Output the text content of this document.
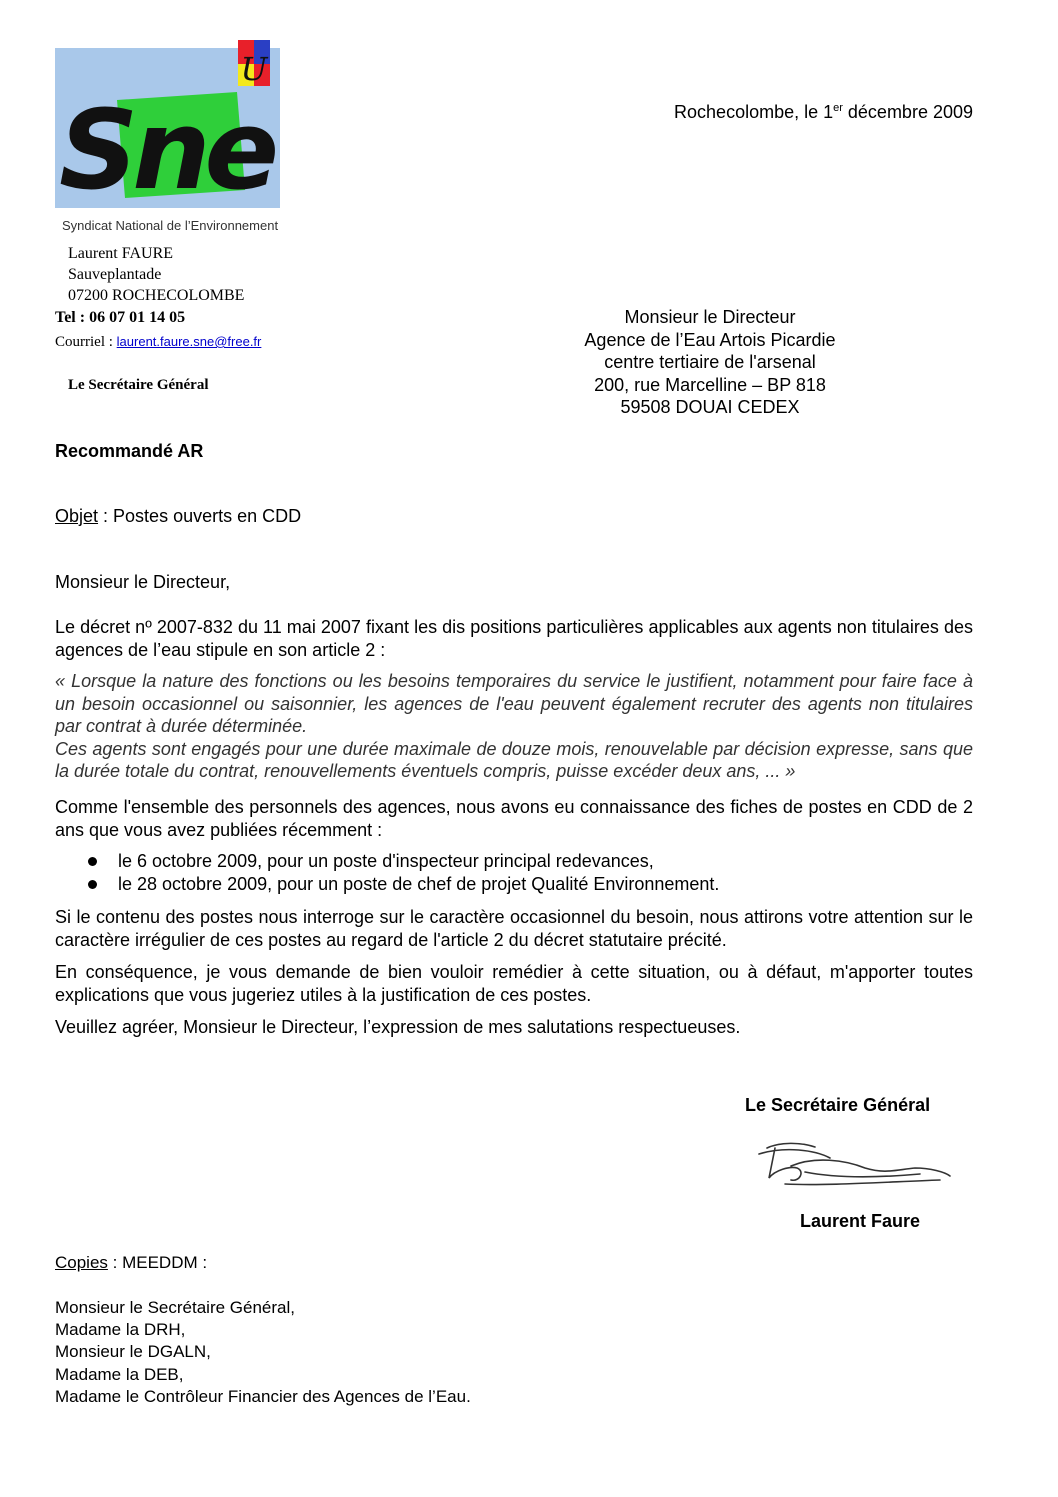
U
Sne
Syndicat National de l’Environnement
Laurent FAURE
Sauveplantade
07200 ROCHECOLOMBE
Tel : 06 07 01 14 05
Courriel : laurent.faure.sne@free.fr
Le Secrétaire Général
Rochecolombe, le 1er décembre 2009
Monsieur le Directeur
Agence de l’Eau Artois Picardie
centre tertiaire de l'arsenal
200, rue Marcelline – BP 818
59508 DOUAI CEDEX
Recommandé AR
Objet : Postes ouverts en CDD
Monsieur le Directeur,
Le décret nº 2007-832 du 11 mai 2007 fixant les dis positions particulières applicables aux agents non titulaires des agences de l’eau stipule en son article 2 :
« Lorsque la nature des fonctions ou les besoins temporaires du service le justifient, notamment pour faire face à un besoin occasionnel ou saisonnier, les agences de l'eau peuvent également recruter des agents non titulaires par contrat à durée déterminée.
Ces agents sont engagés pour une durée maximale de douze mois, renouvelable par décision expresse, sans que la durée totale du contrat, renouvellements éventuels compris, puisse excéder deux ans, ... »
Comme l'ensemble des personnels des agences, nous avons eu connaissance des fiches de postes en CDD de 2 ans que vous avez publiées récemment :
le 6 octobre 2009, pour un poste d'inspecteur principal redevances,
le 28 octobre 2009, pour un poste de chef de projet Qualité Environnement.
Si le contenu des postes nous interroge sur le caractère occasionnel du besoin, nous attirons votre attention sur le caractère irrégulier de ces postes au regard de l'article 2 du décret statutaire précité.
En conséquence, je vous demande de bien vouloir remédier à cette situation, ou à défaut, m'apporter toutes explications que vous jugeriez utiles à la justification de ces postes.
Veuillez agréer, Monsieur le Directeur, l’expression de mes salutations respectueuses.
Le Secrétaire Général
Laurent Faure
Copies : MEEDDM :
Monsieur le Secrétaire Général,
Madame la DRH,
Monsieur le DGALN,
Madame la DEB,
Madame le Contrôleur Financier des Agences de l’Eau.
